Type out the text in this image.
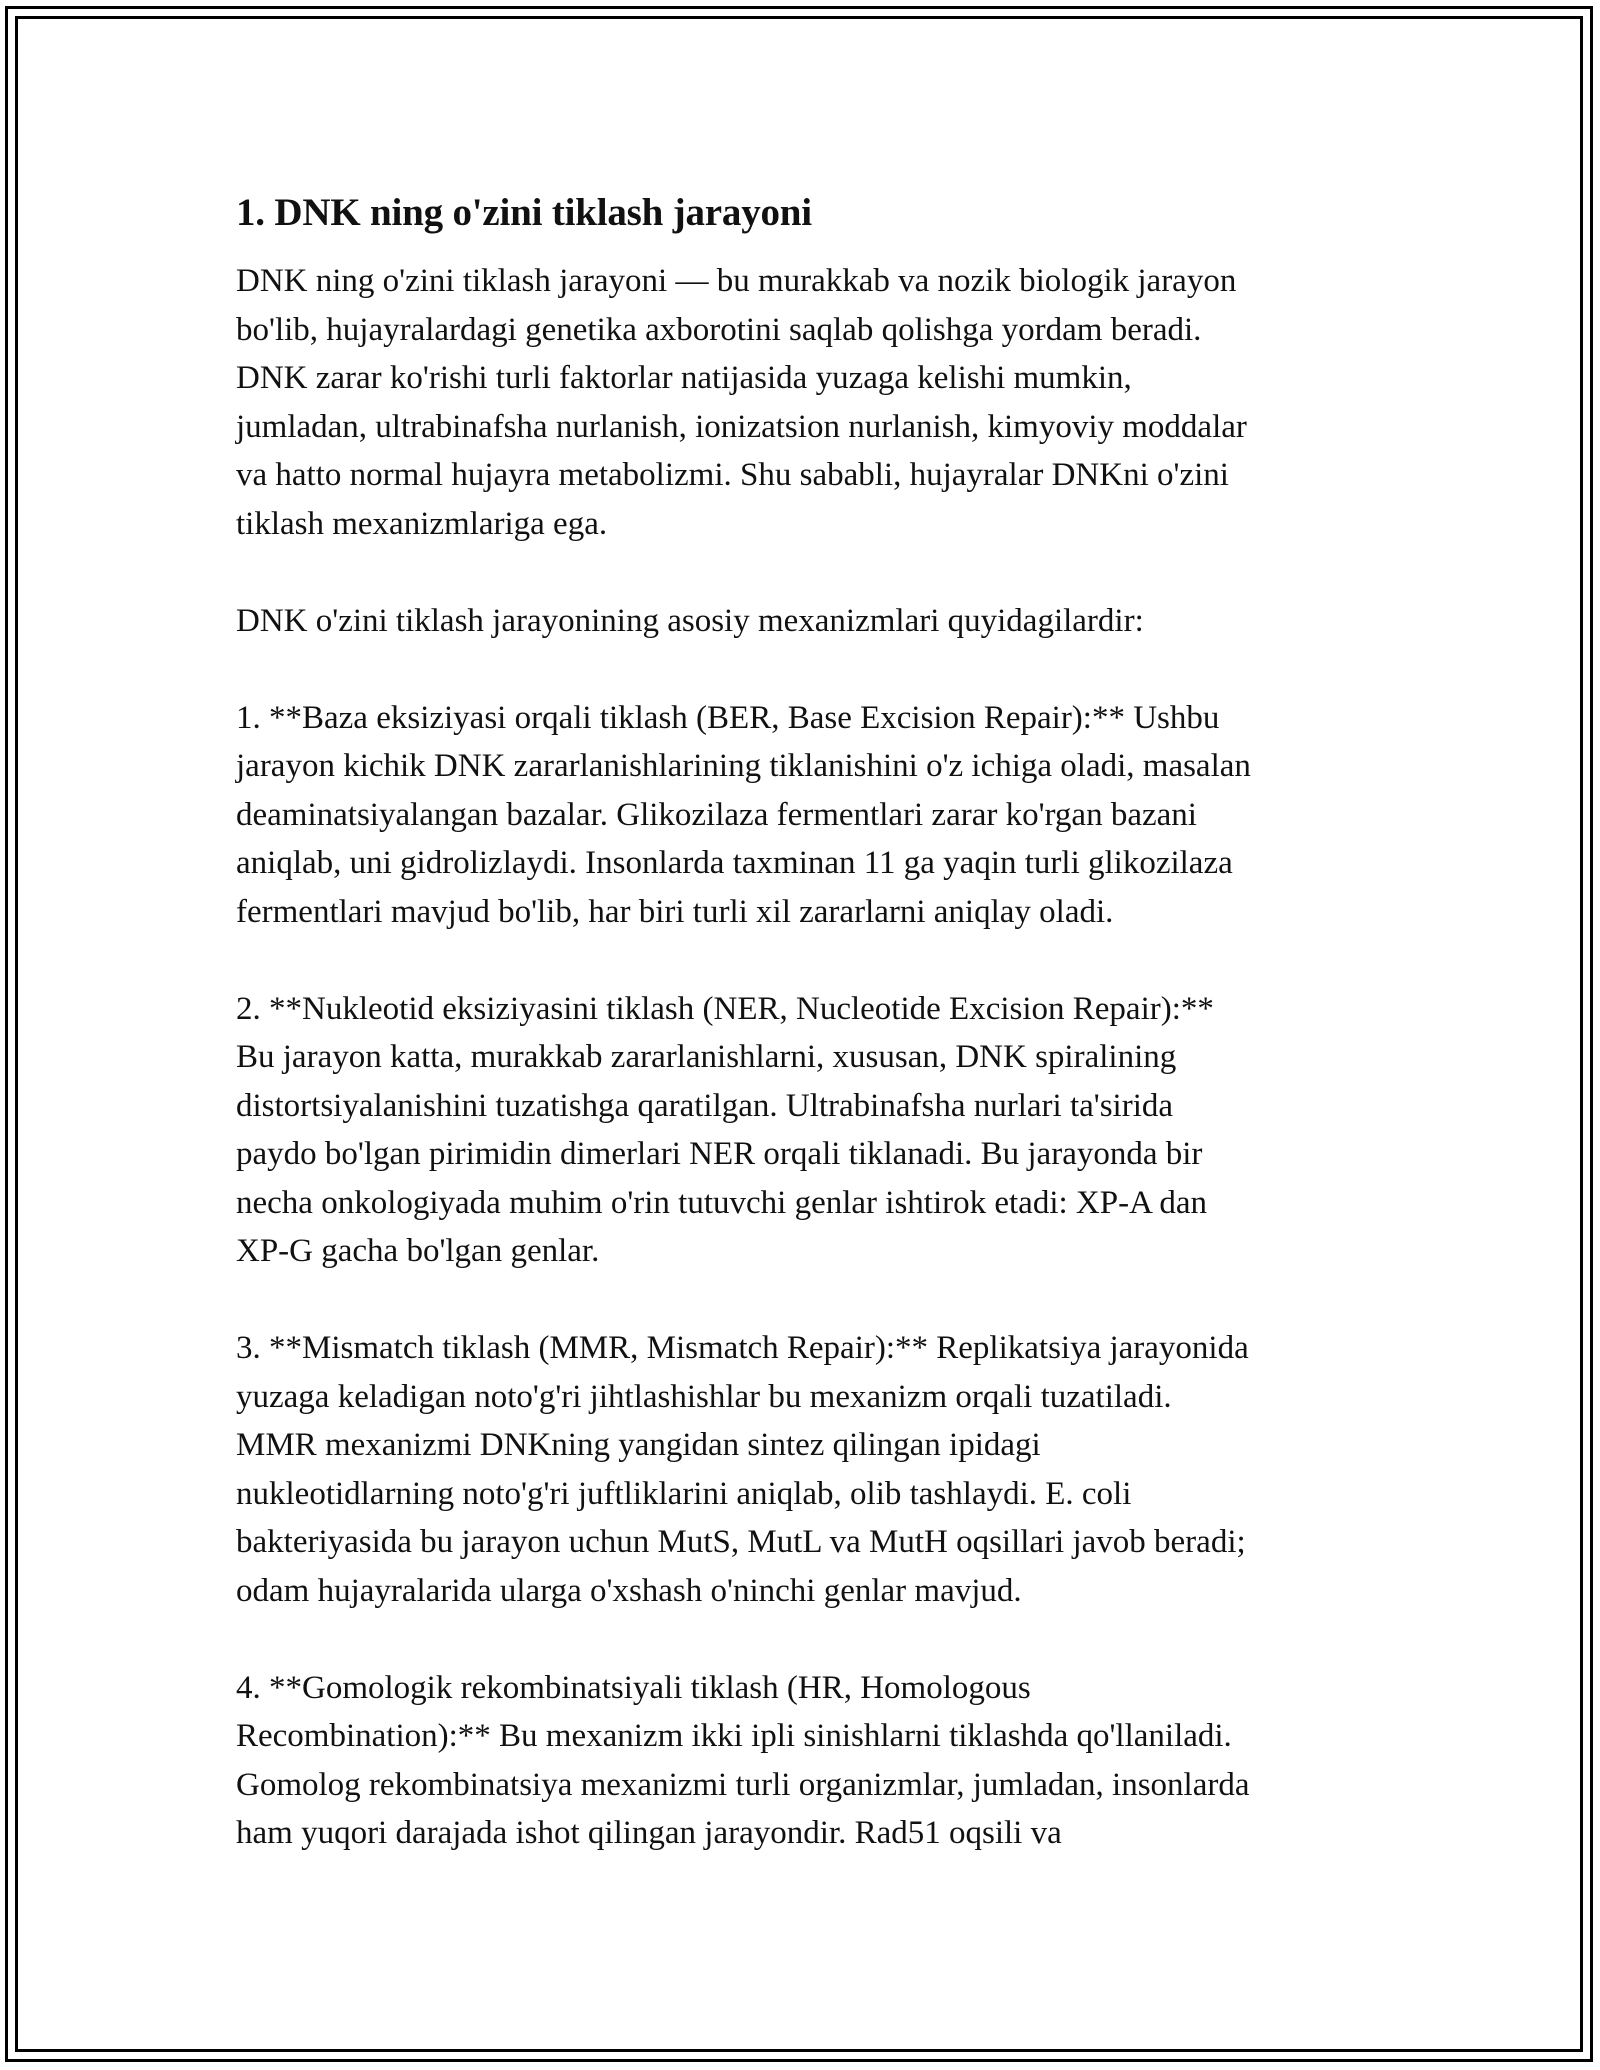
1. DNK ning o'zini tiklash jarayoni

DNK ning o'zini tiklash jarayoni — bu murakkab va nozik biologik jarayon
bo'lib, hujayralardagi genetika axborotini saqlab qolishga yordam beradi.
DNK zarar ko'rishi turli faktorlar natijasida yuzaga kelishi mumkin,
jumladan, ultrabinafsha nurlanish, ionizatsion nurlanish, kimyoviy moddalar
va hatto normal hujayra metabolizmi. Shu sababli, hujayralar DNKni o'zini
tiklash mexanizmlariga ega.

DNK o'zini tiklash jarayonining asosiy mexanizmlari quyidagilardir:

1. **Baza eksiziyasi orqali tiklash (BER, Base Excision Repair):** Ushbu
jarayon kichik DNK zararlanishlarining tiklanishini o'z ichiga oladi, masalan
deaminatsiyalangan bazalar. Glikozilaza fermentlari zarar ko'rgan bazani
aniqlab, uni gidrolizlaydi. Insonlarda taxminan 11 ga yaqin turli glikozilaza
fermentlari mavjud bo'lib, har biri turli xil zararlarni aniqlay oladi.

2. **Nukleotid eksiziyasini tiklash (NER, Nucleotide Excision Repair):**
Bu jarayon katta, murakkab zararlanishlarni, xususan, DNK spiralining
distortsiyalanishini tuzatishga qaratilgan. Ultrabinafsha nurlari ta'sirida
paydo bo'lgan pirimidin dimerlari NER orqali tiklanadi. Bu jarayonda bir
necha onkologiyada muhim o'rin tutuvchi genlar ishtirok etadi: XP-A dan
XP-G gacha bo'lgan genlar.

3. **Mismatch tiklash (MMR, Mismatch Repair):** Replikatsiya jarayonida
yuzaga keladigan noto'g'ri jihtlashishlar bu mexanizm orqali tuzatiladi.
MMR mexanizmi DNKning yangidan sintez qilingan ipidagi
nukleotidlarning noto'g'ri juftliklarini aniqlab, olib tashlaydi. E. coli
bakteriyasida bu jarayon uchun MutS, MutL va MutH oqsillari javob beradi;
odam hujayralarida ularga o'xshash o'ninchi genlar mavjud.

4. **Gomologik rekombinatsiyali tiklash (HR, Homologous
Recombination):** Bu mexanizm ikki ipli sinishlarni tiklashda qo'llaniladi.
Gomolog rekombinatsiya mexanizmi turli organizmlar, jumladan, insonlarda
ham yuqori darajada ishot qilingan jarayondir. Rad51 oqsili va
